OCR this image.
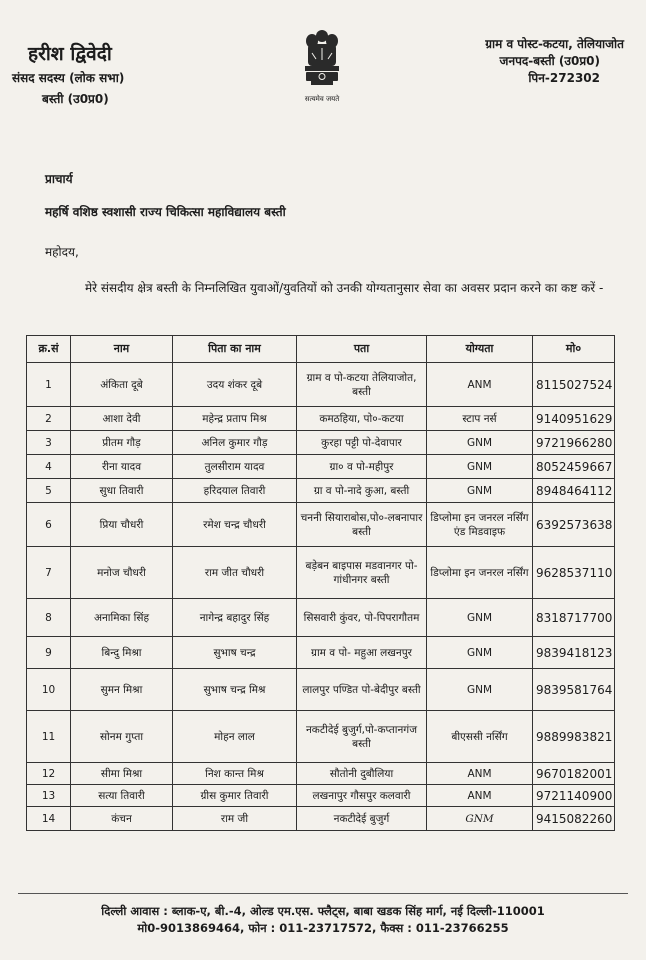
हरीश द्विवेदी
संसद सदस्य (लोक सभा)
बस्ती (उ0प्र0)	सत्यमेव जयते
ग्राम व पोस्ट-कटया, तेलियाजोत
जनपद-बस्ती (उ0प्र0)
पिन-272302
प्राचार्य
महर्षि वशिष्ठ स्वशासी राज्य चिकित्सा महाविद्यालय बस्ती
महोदय,
मेरे संसदीय क्षेत्र बस्ती के निम्नलिखित युवाओं/युवतियों को उनकी योग्यतानुसार सेवा का अवसर प्रदान करने का कष्ट करें -
क्र.सं	नाम	पिता का नाम	पता	योग्यता	मो०
1	अंकिता दूबे	उदय शंकर दूबे	ग्राम व पो-कटया तेलियाजोत, बस्ती	ANM	8115027524
2	आशा देवी	महेन्द्र प्रताप मिश्र	कमठहिया, पो०-कटया	स्टाप नर्स	9140951629
3	प्रीतम गौड़	अनिल कुमार गौड़	कुरहा पट्टी पो-देवापार	GNM	9721966280
4	रीना यादव	तुलसीराम यादव	ग्रा० व पो-महीपुर	GNM	8052459667
5	सुधा तिवारी	हरिदयाल तिवारी	ग्रा व पो-नादे कुआ, बस्ती	GNM	8948464112
6	प्रिया चौधरी	रमेश चन्द्र चौधरी	चननी सियाराबोस,पो०-लबनापार बस्ती	डिप्लोमा इन जनरल नर्सिंग एंड मिडवाइफ	6392573638
7	मनोज चौधरी	राम जीत चौधरी	बड़ेबन बाइपास मडवानगर पो-गांधीनगर बस्ती	डिप्लोमा इन जनरल नर्सिंग	9628537110
8	अनामिका सिंह	नागेन्द्र बहादुर सिंह	सिसवारी कुंवर, पो-पिपरागौतम	GNM	8318717700
9	बिन्दु मिश्रा	सुभाष चन्द्र	ग्राम व पो- महुआ लखनपुर	GNM	9839418123
10	सुमन मिश्रा	सुभाष चन्द्र मिश्र	लालपुर पण्डित पो-बेदीपुर बस्ती	GNM	9839581764
11	सोनम गुप्ता	मोहन लाल	नकटीदेई बुजुर्ग,पो-कप्तानगंज बस्ती	बीएससी नर्सिंग	9889983821
12	सीमा मिश्रा	निश कान्त मिश्र	सौतोनी दुबौलिया	ANM	9670182001
13	सत्या तिवारी	ग्रीस कुमार तिवारी	लखनापुर गौसपुर कलवारी	ANM	9721140900
14	कंचन	राम जी	नकटीदेई बुजुर्ग	GNM	9415082260
दिल्ली आवास : ब्लाक-ए, बी.-4, ओल्ड एम.एस. फ्लैट्स, बाबा खडक सिंह मार्ग, नई दिल्ली-110001
मो0-9013869464, फोन : 011-23717572, फैक्स : 011-23766255
